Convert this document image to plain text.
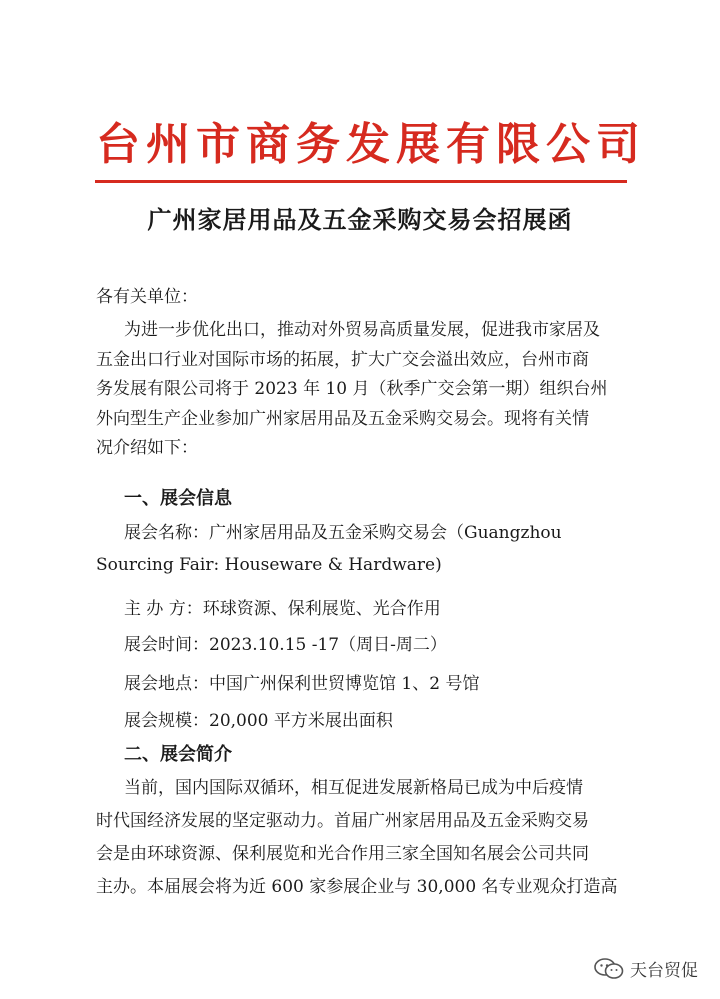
台州市商务发展有限公司
广州家居用品及五金采购交易会招展函
各有关单位：
为进一步优化出口，推动对外贸易高质量发展，促进我市家居及
五金出口行业对国际市场的拓展，扩大广交会溢出效应，台州市商
务发展有限公司将于 2023 年 10 月（秋季广交会第一期）组织台州
外向型生产企业参加广州家居用品及五金采购交易会。现将有关情
况介绍如下：
一、展会信息
展会名称：广州家居用品及五金采购交易会（Guangzhou
Sourcing Fair: Houseware & Hardware)
主 办 方：环球资源、保利展览、光合作用
展会时间：2023.10.15 -17（周日-周二）
展会地点：中国广州保利世贸博览馆 1、2 号馆
展会规模：20,000 平方米展出面积
二、展会简介
当前，国内国际双循环，相互促进发展新格局已成为中后疫情
时代国经济发展的坚定驱动力。首届广州家居用品及五金采购交易
会是由环球资源、保利展览和光合作用三家全国知名展会公司共同
主办。本届展会将为近 600 家参展企业与 30,000 名专业观众打造高
天台贸促
